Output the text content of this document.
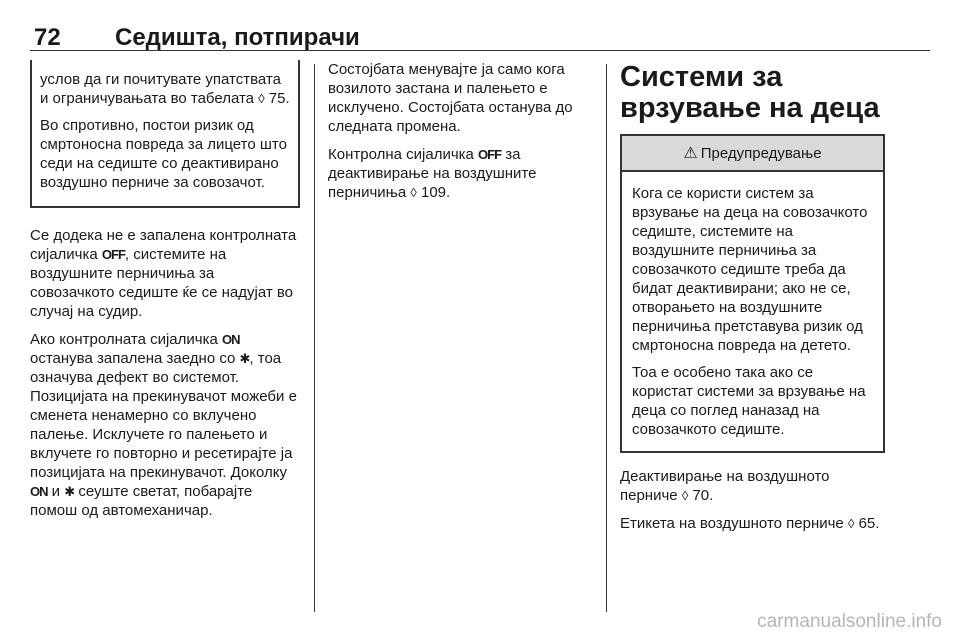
72 Седишта, потпирачи

услов да ги почитувате упатствата и ограничувањата во табелата ◊ 75.

Во спротивно, постои ризик од смртоносна повреда за лицето што седи на седиште со деактивирано воздушно перниче за совозачот.

Се додека не е запалена контролната сијаличка OFF, системите на воздушните перничиња за совозачкото седиште ќе се надујат во случај на судир.

Ако контролната сијаличка ON останува запалена заедно со ✱, тоа означува дефект во системот. Позицијата на прекинувачот можеби е сменета ненамерно со вклучено палење. Исклучете го палењето и вклучете го повторно и ресетирајте ја позицијата на прекинувачот. Доколку ON и ✱ сеуште светат, побарајте помош од автомеханичар.

Состојбата менувајте ја само кога возилото застана и палењето е исклучено. Состојбата останува до следната промена.

Контролна сијаличка OFF за деактивирање на воздушните перничиња ◊ 109.

Системи за врзување на деца
⚠ Предупредување

Кога се користи систем за врзување на деца на совозачкото седиште, системите на воздушните перничиња за совозачкото седиште треба да бидат деактивирани; ако не се, отворањето на воздушните перничиња претставува ризик од смртоносна повреда на детето.

Тоа е особено така ако се користат системи за врзување на деца со поглед наназад на совозачкото седиште.

Деактивирање на воздушното перниче ◊ 70.

Етикета на воздушното перниче ◊ 65.

carmanualsonline.info
